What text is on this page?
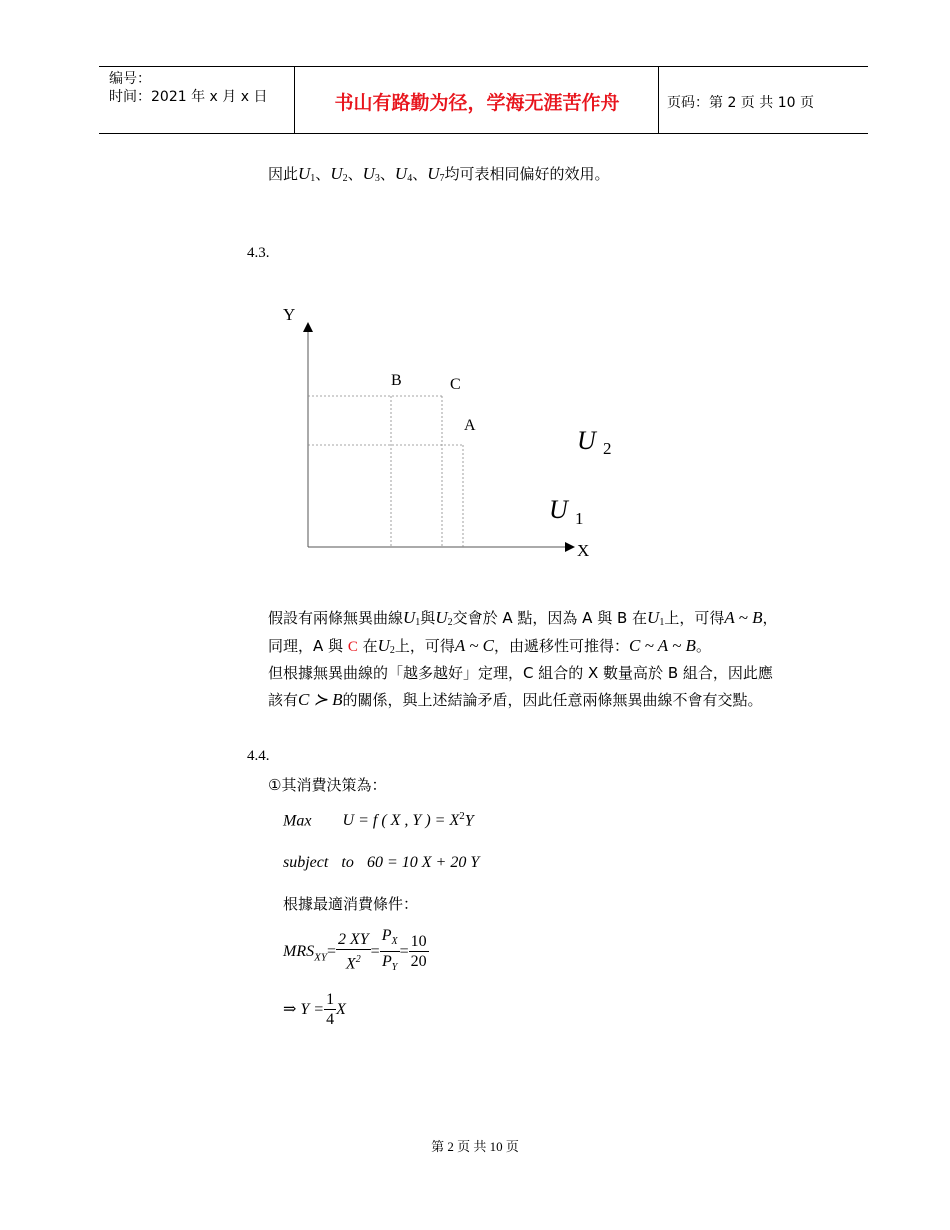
编号：
时间：2021 年 x 月 x 日	书山有路勤为径，学海无涯苦作舟	页码：第 2 页 共 10 页
因此$U_1$、$U_2$、$U_3$、$U_4$、$U_7$均可表相同偏好的效用。
4.3.
Y
X
B	C
A
U 2
U 1
假設有兩條無異曲線$U_1$與$U_2$交會於 A 點，因為 A 與 B 在$U_1$上，可得A ~ B，
同理，A 與 C 在$U_2$上，可得A ~ C，由遞移性可推得：C ~ A ~ B。
但根據無異曲線的「越多越好」定理，C 組合的 X 數量高於 B 組合，因此應
該有C ≻ B的關係，與上述結論矛盾，因此任意兩條無異曲線不會有交點。
4.4.
①其消費決策為：
Max U = f ( X , Y ) = $X^2Y$
subject to 60 = 10 X + 20 Y
根據最適消費條件：
$MRS_{XY}= \frac{2 XY}{X^2} = \frac{P_X}{P_Y} = \frac{10}{20}$
⇒ $Y = \frac{1}{4}$ X
第 2 页 共 10 页
